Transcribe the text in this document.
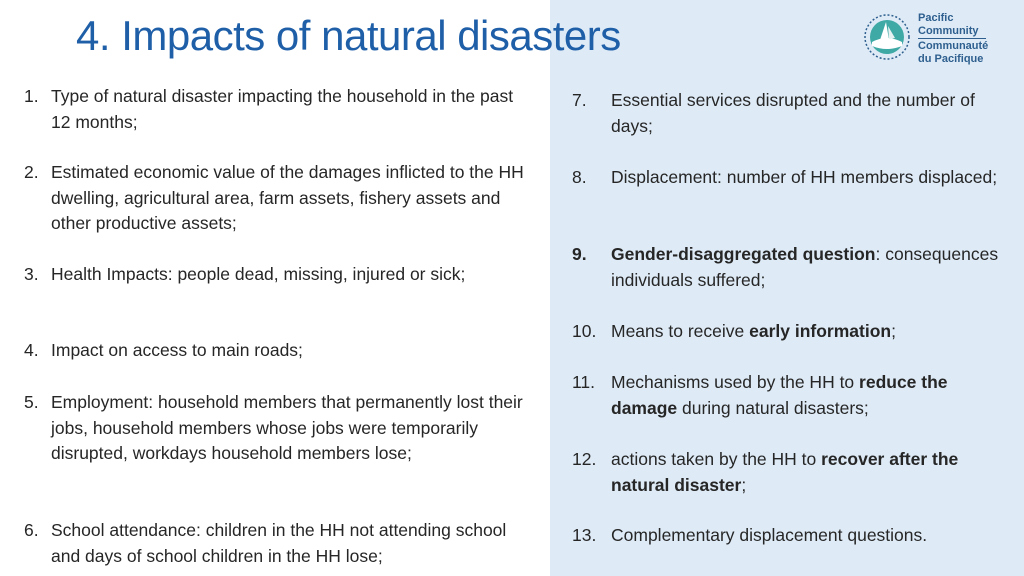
4. Impacts of natural disasters	Pacific
Community
Communauté
du Pacifique
1. Type of natural disaster impacting the household in the past 12 months;
2. Estimated economic value of the damages inflicted to the HH dwelling, agricultural area, farm assets, fishery assets and other productive assets;
3. Health Impacts: people dead, missing, injured or sick;
4. Impact on access to main roads;
5. Employment: household members that permanently lost their jobs, household members whose jobs were temporarily disrupted, workdays household members lose;
6. School attendance: children in the HH not attending school and days of school children in the HH lose;
7. Essential services disrupted and the number of days;
8. Displacement: number of HH members displaced;
9. Gender-disaggregated question: consequences individuals suffered;
10. Means to receive early information;
11. Mechanisms used by the HH to reduce the damage during natural disasters;
12. actions taken by the HH to recover after the natural disaster;
13. Complementary displacement questions.
